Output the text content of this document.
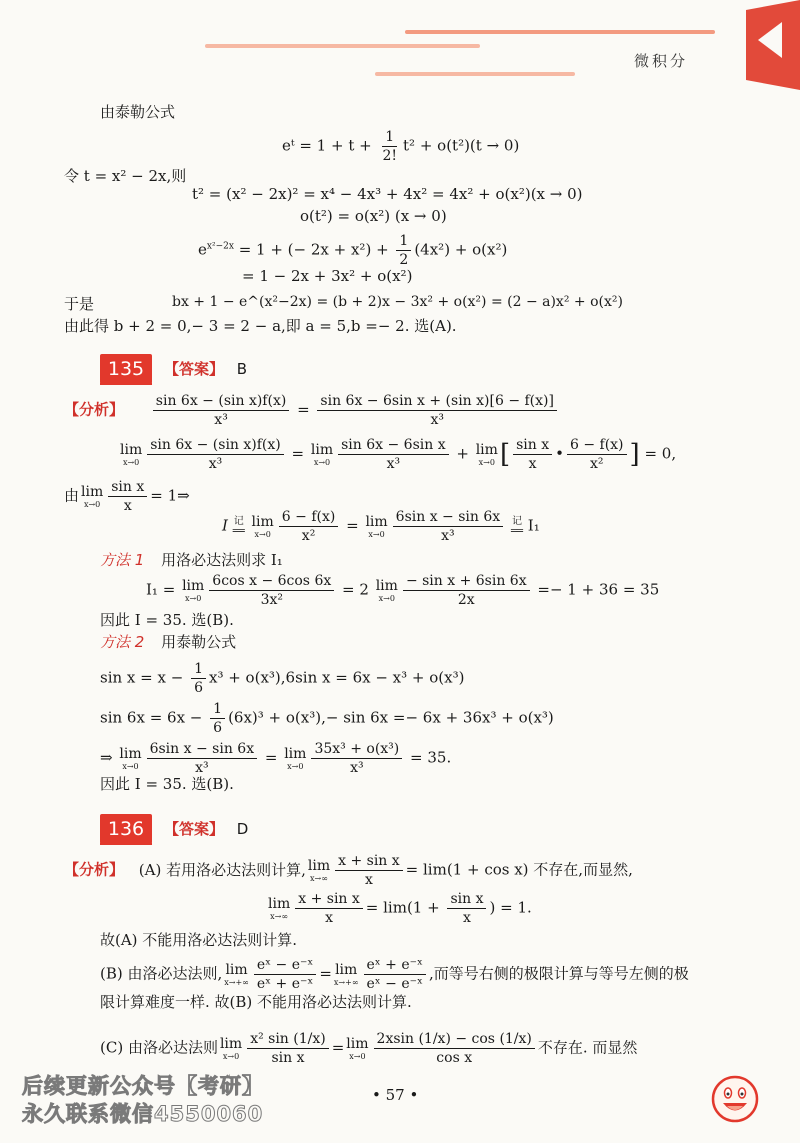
微积分
由泰勒公式
eᵗ = $1 + t + \frac{1}{2!} t^2 + o(t^2)(t \to 0)$
令 t = x² − 2x,则
t² = (x² − 2x)² = x⁴ − 4x³ + 4x² = 4x² + o(x²)(x → 0)
o(t²) = o(x²) (x → 0)
$e^{x^2-2x} = 1$ + (− $2x + x^2) + \frac{1}{2} (4x^2) + o(x^2)$
= 1 − 2x + 3x² + o(x²)
于是	bx + 1 − e^(x²−2x) = (b + 2)x − 3x² + o(x²) = (2 − a)x² + o(x²)
由此得 b + 2 = 0,− 3 = 2 − a,即 a = 5,b =− 2. 选(A).
135	【答案】 B
【分析】 $\frac{\text{sin 6x − (sin x)f(x)}}{\text{x³}} = \frac{\text{sin 6x − 6sin x + (sin x)[6 − f(x)]}}{\text{x³}}$
lim
$x\to 0 \frac{\text{sin 6x − (sin x)f(x)}}{\text{x³}} = \lim$
$x\to 0 \frac{\text{sin 6x − 6sin x}}{\text{x³}} + \lim$
x→0 [ $\frac{\text{sin x}}{x}$ • $\frac{6 - f(x)}{\text{x²}}$ ] = 0,
由 lim
$x\to 0 \frac{\text{sin x}}{x}$ = 1⇒
I 记
══

lim
$x\to 0 \frac{6 - f(x)}{\text{x²}} = \lim$
$x\to 0 \frac{\text{6sin x − sin 6x}}{\text{x³}}$
记
══ I₁
方法 1 用洛必达法则求 I₁
I₁ = lim
$x\to 0 \frac{\text{6cos x − 6cos 6x}}{\text{3x²}} = 2$ lim
$x\to 0 \frac{\text{− sin x + 6sin 6x}}{2x} =- 1 + 36 = 35$
因此 I = 35. 选(B).
方法 2 用泰勒公式
$\sin x = x - \frac{1}{6} x^3 + o(x^3),6\sin$ x = 6x − x³ + o(x³)
$\sin 6x = 6x - \frac{1}{6} (6x)^3 + o(x^3),- \sin 6x =- 6x + 36x^3 + o(x^3)$
⇒ lim
$x\to 0 \frac{\text{6sin x − sin 6x}}{\text{x³}} = \lim$
$x\to 0 \frac{\text{35x³ + o(x³)}}{\text{x³}} = 35$.
因此 I = 35. 选(B).
136	【答案】 D
【分析】 (A) 若用洛必达法则计算, lim
$x\to\infty \frac{\text{x + sin x}}{x} = \lim(1 + \cos x)$ 不存在,而显然,
lim
$x\to\infty \frac{\text{x + sin x}}{x} = \lim(1 + \frac{\text{sin x}}{x}$ ) = 1.
故(A) 不能用洛必达法则计算.
(B) 由洛必达法则, lim
$x\to+\infty \frac{\text{eˣ − e⁻ˣ}}{\text{eˣ + e⁻ˣ}} = \lim$
$x\to+\infty \frac{\text{eˣ + e⁻ˣ}}{\text{eˣ − e⁻ˣ}}$ ,而等号右侧的极限计算与等号左侧的极
限计算难度一样. 故(B) 不能用洛必达法则计算.
(C) 由洛必达法则 lim
$x\to 0 \frac{\text{x² sin (1/x)}}{\text{sin x}} = \lim$
$x\to 0 \frac{2xsin (1/x) - \cos (1/x)}{\text{cos x}}$ 不存在. 而显然
• 57 •
后续更新公众号【考研】
永久联系微信4550060
